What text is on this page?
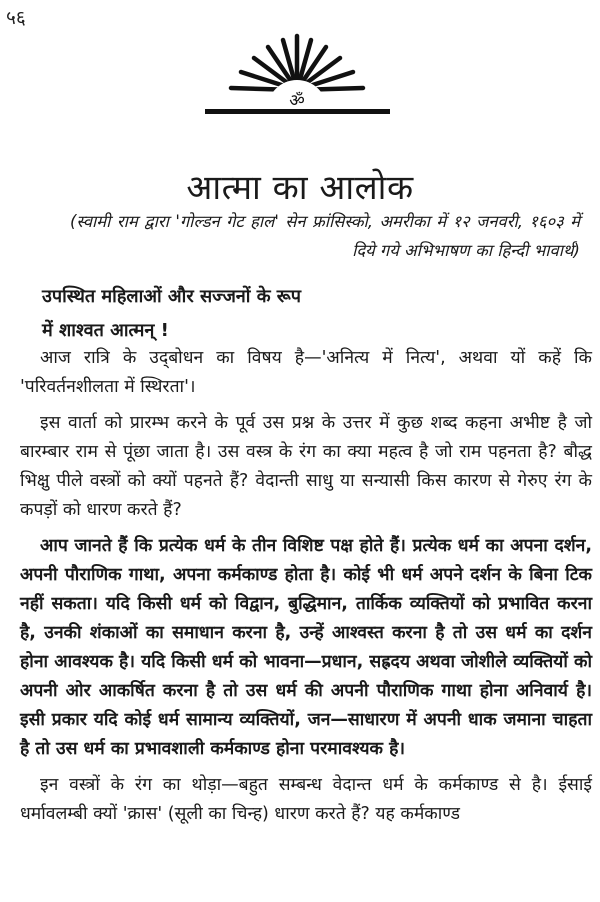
५६
ॐ
आत्मा का आलोक
(स्वामी राम द्वारा 'गोल्डन गेट हाल' सेन फ्रांसिस्को, अमरीका में १२ जनवरी, १६०३ में दिये गये अभिभाषण का हिन्दी भावार्थ)
उपस्थित महिलाओं और सज्जनों के रूप
में शाश्वत आत्मन् !

आज रात्रि के उद्‌बोधन का विषय है—'अनित्य में नित्य', अथवा यों कहें कि 'परिवर्तनशीलता में स्थिरता'।

इस वार्ता को प्रारम्भ करने के पूर्व उस प्रश्न के उत्तर में कुछ शब्द कहना अभीष्ट है जो बारम्बार राम से पूंछा जाता है। उस वस्त्र के रंग का क्या महत्व है जो राम पहनता है? बौद्ध भिक्षु पीले वस्त्रों को क्यों पहनते हैं? वेदान्ती साधु या सन्यासी किस कारण से गेरुए रंग के कपड़ों को धारण करते हैं?

आप जानते हैं कि प्रत्येक धर्म के तीन विशिष्ट पक्ष होते हैं। प्रत्येक धर्म का अपना दर्शन, अपनी पौराणिक गाथा, अपना कर्मकाण्ड होता है। कोई भी धर्म अपने दर्शन के बिना टिक नहीं सकता। यदि किसी धर्म को विद्वान, बुद्धिमान, तार्किक व्यक्तियों को प्रभावित करना है, उनकी शंकाओं का समाधान करना है, उन्हें आश्वस्त करना है तो उस धर्म का दर्शन होना आवश्यक है। यदि किसी धर्म को भावना—प्रधान, सह्रदय अथवा जोशीले व्यक्तियों को अपनी ओर आकर्षित करना है तो उस धर्म की अपनी पौराणिक गाथा होना अनिवार्य है। इसी प्रकार यदि कोई धर्म सामान्य व्यक्तियों, जन—साधारण में अपनी धाक जमाना चाहता है तो उस धर्म का प्रभावशाली कर्मकाण्ड होना परमावश्यक है।

इन वस्त्रों के रंग का थोड़ा—बहुत सम्बन्ध वेदान्त धर्म के कर्मकाण्ड से है। ईसाई धर्मावलम्बी क्यों 'क्रास' (सूली का चिन्ह) धारण करते हैं? यह कर्मकाण्ड
